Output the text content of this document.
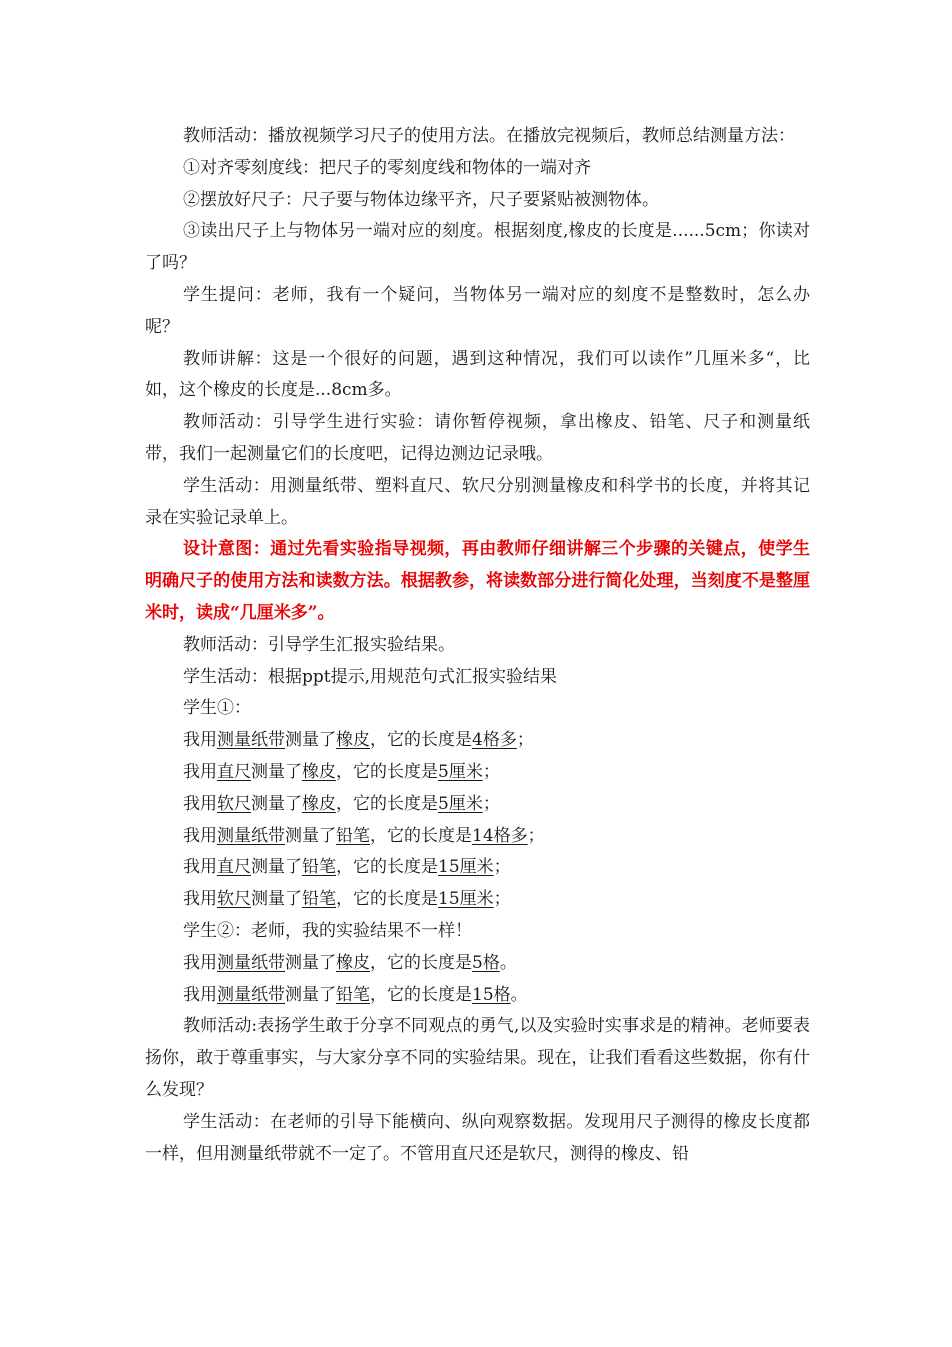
教师活动：播放视频学习尺子的使用方法。在播放完视频后，教师总结测量方法：

①对齐零刻度线：把尺子的零刻度线和物体的一端对齐

②摆放好尺子：尺子要与物体边缘平齐，尺子要紧贴被测物体。

③读出尺子上与物体另一端对应的刻度。根据刻度,橡皮的长度是......5cm；你读对了吗？

学生提问：老师，我有一个疑问，当物体另一端对应的刻度不是整数时，怎么办呢？

教师讲解：这是一个很好的问题，遇到这种情况，我们可以读作”几厘米多“，比如，这个橡皮的长度是...8cm多。

教师活动：引导学生进行实验：请你暂停视频，拿出橡皮、铅笔、尺子和测量纸带，我们一起测量它们的长度吧，记得边测边记录哦。

学生活动：用测量纸带、塑料直尺、软尺分别测量橡皮和科学书的长度，并将其记录在实验记录单上。

设计意图：通过先看实验指导视频，再由教师仔细讲解三个步骤的关键点，使学生明确尺子的使用方法和读数方法。根据教参，将读数部分进行简化处理，当刻度不是整厘米时，读成“几厘米多”。

教师活动：引导学生汇报实验结果。

学生活动：根据ppt提示,用规范句式汇报实验结果

学生①：

我用测量纸带测量了橡皮，它的长度是4格多；

我用直尺测量了橡皮，它的长度是5厘米；

我用软尺测量了橡皮，它的长度是5厘米；

我用测量纸带测量了铅笔，它的长度是14格多；

我用直尺测量了铅笔，它的长度是15厘米；

我用软尺测量了铅笔，它的长度是15厘米；

学生②：老师，我的实验结果不一样！

我用测量纸带测量了橡皮，它的长度是5格。

我用测量纸带测量了铅笔，它的长度是15格。

教师活动:表扬学生敢于分享不同观点的勇气,以及实验时实事求是的精神。老师要表扬你，敢于尊重事实，与大家分享不同的实验结果。现在，让我们看看这些数据，你有什么发现？

学生活动：在老师的引导下能横向、纵向观察数据。发现用尺子测得的橡皮长度都一样，但用测量纸带就不一定了。不管用直尺还是软尺，测得的橡皮、铅
